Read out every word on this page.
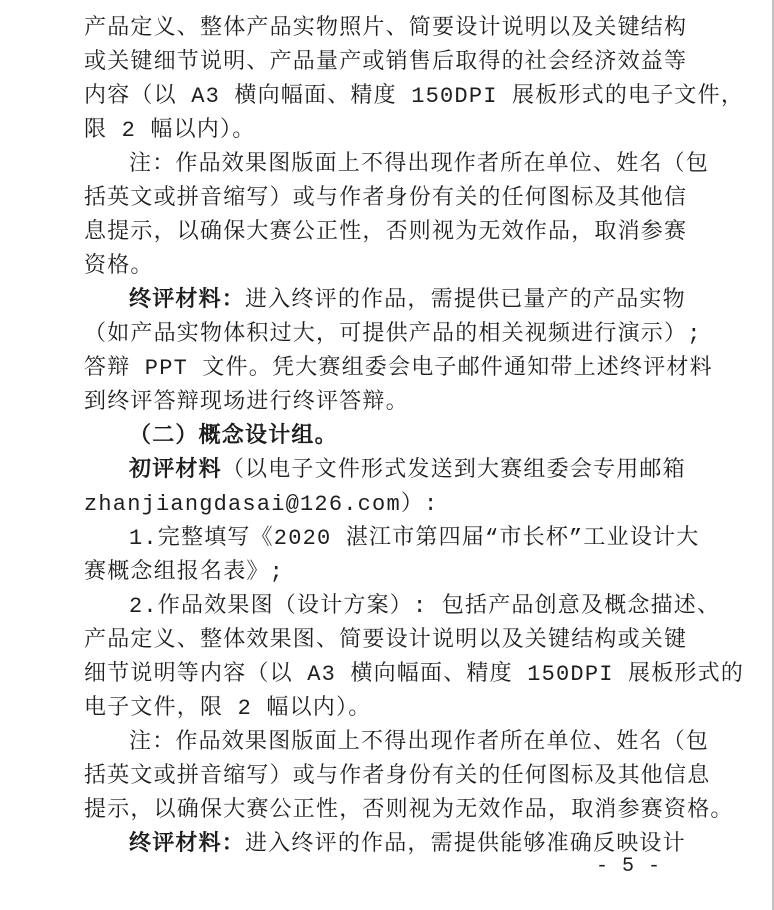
产品定义、整体产品实物照片、简要设计说明以及关键结构
或关键细节说明、产品量产或销售后取得的社会经济效益等
内容（以 A3 横向幅面、精度 150DPI 展板形式的电子文件，
限 2 幅以内）。
注：作品效果图版面上不得出现作者所在单位、姓名（包
括英文或拼音缩写）或与作者身份有关的任何图标及其他信
息提示，以确保大赛公正性，否则视为无效作品，取消参赛
资格。
终评材料：进入终评的作品，需提供已量产的产品实物
（如产品实物体积过大，可提供产品的相关视频进行演示）;
答辩 PPT 文件。凭大赛组委会电子邮件通知带上述终评材料
到终评答辩现场进行终评答辩。
（二）概念设计组。
初评材料（以电子文件形式发送到大赛组委会专用邮箱
zhanjiangdasai@126.com）:
1.完整填写《2020 湛江市第四届“市长杯”工业设计大
赛概念组报名表》;
2.作品效果图（设计方案）: 包括产品创意及概念描述、
产品定义、整体效果图、简要设计说明以及关键结构或关键
细节说明等内容（以 A3 横向幅面、精度 150DPI 展板形式的
电子文件，限 2 幅以内）。
注：作品效果图版面上不得出现作者所在单位、姓名（包
括英文或拼音缩写）或与作者身份有关的任何图标及其他信息
提示，以确保大赛公正性，否则视为无效作品，取消参赛资格。
终评材料：进入终评的作品，需提供能够准确反映设计
- 5 -
